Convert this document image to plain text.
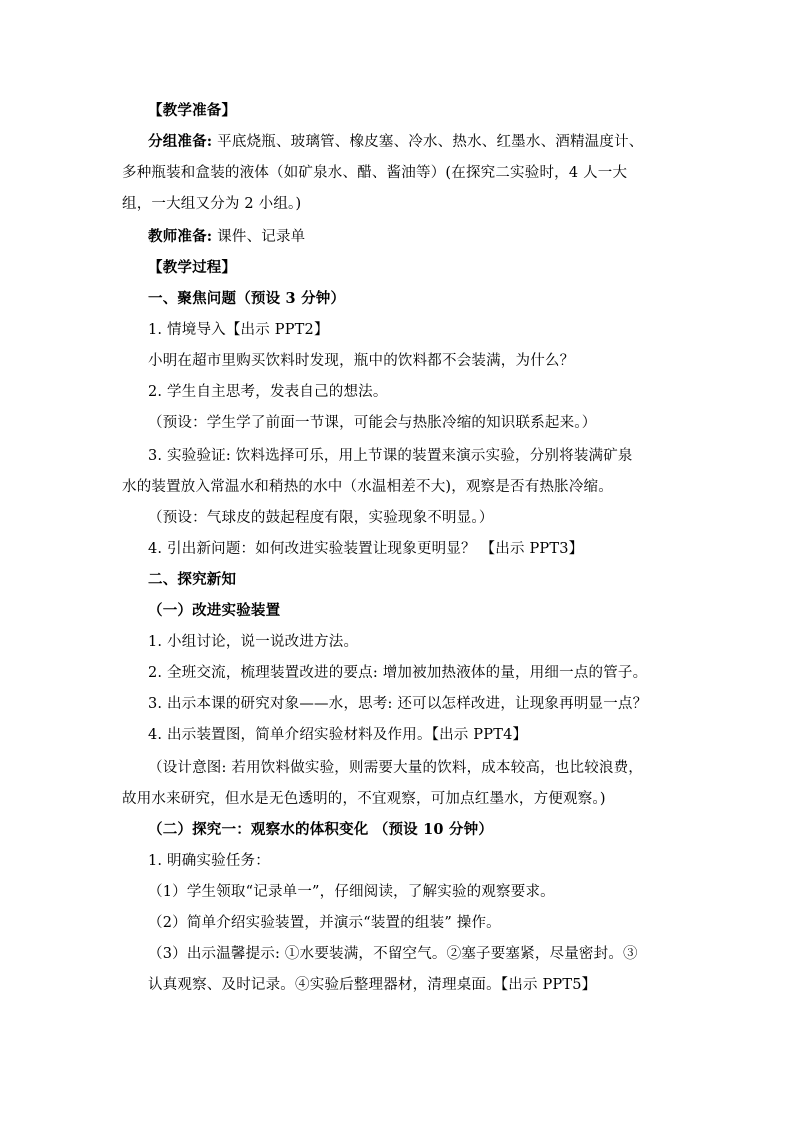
【教学准备】

分组准备: 平底烧瓶、玻璃管、橡皮塞、冷水、热水、红墨水、酒精温度计、

多种瓶装和盒装的液体（如矿泉水、醋、酱油等）(在探究二实验时，4 人一大

组，一大组又分为 2 小组。)

教师准备: 课件、记录单

【教学过程】

一、聚焦问题（预设 3 分钟）

1. 情境导入【出示 PPT2】

小明在超市里购买饮料时发现，瓶中的饮料都不会装满，为什么？

2. 学生自主思考，发表自己的想法。

（预设：学生学了前面一节课，可能会与热胀冷缩的知识联系起来。）

3. 实验验证: 饮料选择可乐，用上节课的装置来演示实验，分别将装满矿泉

水的装置放入常温水和稍热的水中（水温相差不大)，观察是否有热胀冷缩。

（预设：气球皮的鼓起程度有限，实验现象不明显。）

4. 引出新问题：如何改进实验装置让现象更明显？ 【出示 PPT3】

二、探究新知

（一）改进实验装置

1. 小组讨论，说一说改进方法。

2. 全班交流，梳理装置改进的要点: 增加被加热液体的量，用细一点的管子。

3. 出示本课的研究对象——水，思考: 还可以怎样改进，让现象再明显一点？

4. 出示装置图，简单介绍实验材料及作用。【出示 PPT4】

（设计意图: 若用饮料做实验，则需要大量的饮料，成本较高，也比较浪费，

故用水来研究，但水是无色透明的，不宜观察，可加点红墨水，方便观察。)

（二）探究一：观察水的体积变化 （预设 10 分钟）

1. 明确实验任务：

（1）学生领取“记录单一”，仔细阅读，了解实验的观察要求。

（2）简单介绍实验装置，并演示“装置的组装” 操作。

（3）出示温馨提示: ①水要装满，不留空气。②塞子要塞紧，尽量密封。③

认真观察、及时记录。④实验后整理器材，清理桌面。【出示 PPT5】
